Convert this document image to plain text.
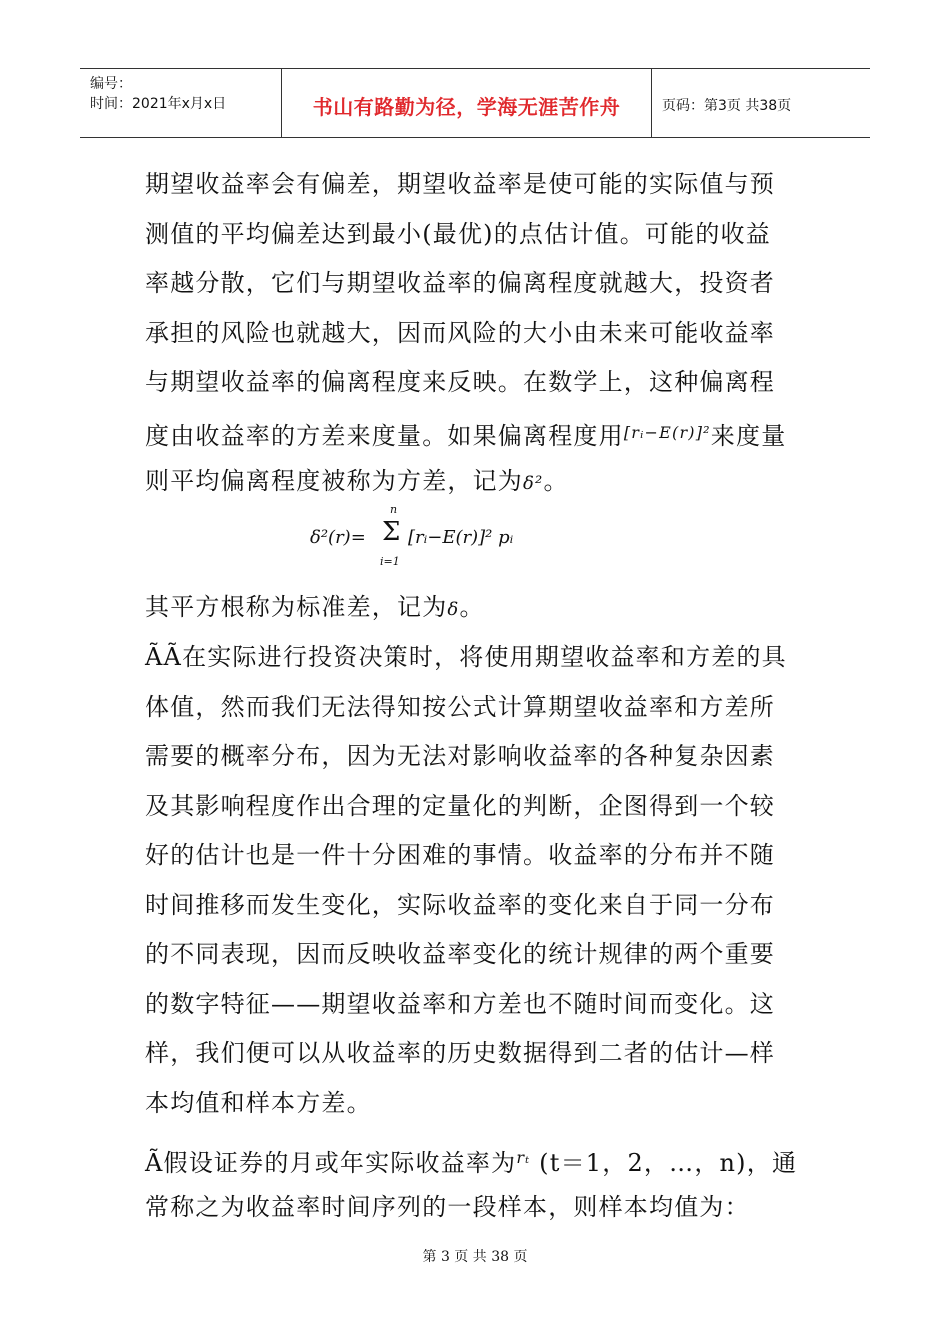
编号：
时间：2021年x月x日	书山有路勤为径，学海无涯苦作舟	页码：第3页 共38页
期望收益率会有偏差，期望收益率是使可能的实际值与预
测值的平均偏差达到最小(最优)的点估计值。可能的收益
率越分散，它们与期望收益率的偏离程度就越大，投资者
承担的风险也就越大，因而风险的大小由未来可能收益率
与期望收益率的偏离程度来反映。在数学上，这种偏离程
度由收益率的方差来度量。如果偏离程度用$^{[rᵢ-E(r)]^2}$来度量
则平均偏离程度被称为方差，记为δ²。
δ²(r)=
n
Σ
i=1
[rᵢ−E(r)]² pᵢ
其平方根称为标准差，记为δ。
ÃÃ在实际进行投资决策时，将使用期望收益率和方差的具
体值，然而我们无法得知按公式计算期望收益率和方差所
需要的概率分布，因为无法对影响收益率的各种复杂因素
及其影响程度作出合理的定量化的判断，企图得到一个较
好的估计也是一件十分困难的事情。收益率的分布并不随
时间推移而发生变化，实际收益率的变化来自于同一分布
的不同表现，因而反映收益率变化的统计规律的两个重要
的数字特征——期望收益率和方差也不随时间而变化。这
样，我们便可以从收益率的历史数据得到二者的估计—样
本均值和样本方差。
Ã假设证券的月或年实际收益率为$^{r_t}$ (t＝1，2，…，n)，通
常称之为收益率时间序列的一段样本，则样本均值为：
第 3 页 共 38 页
